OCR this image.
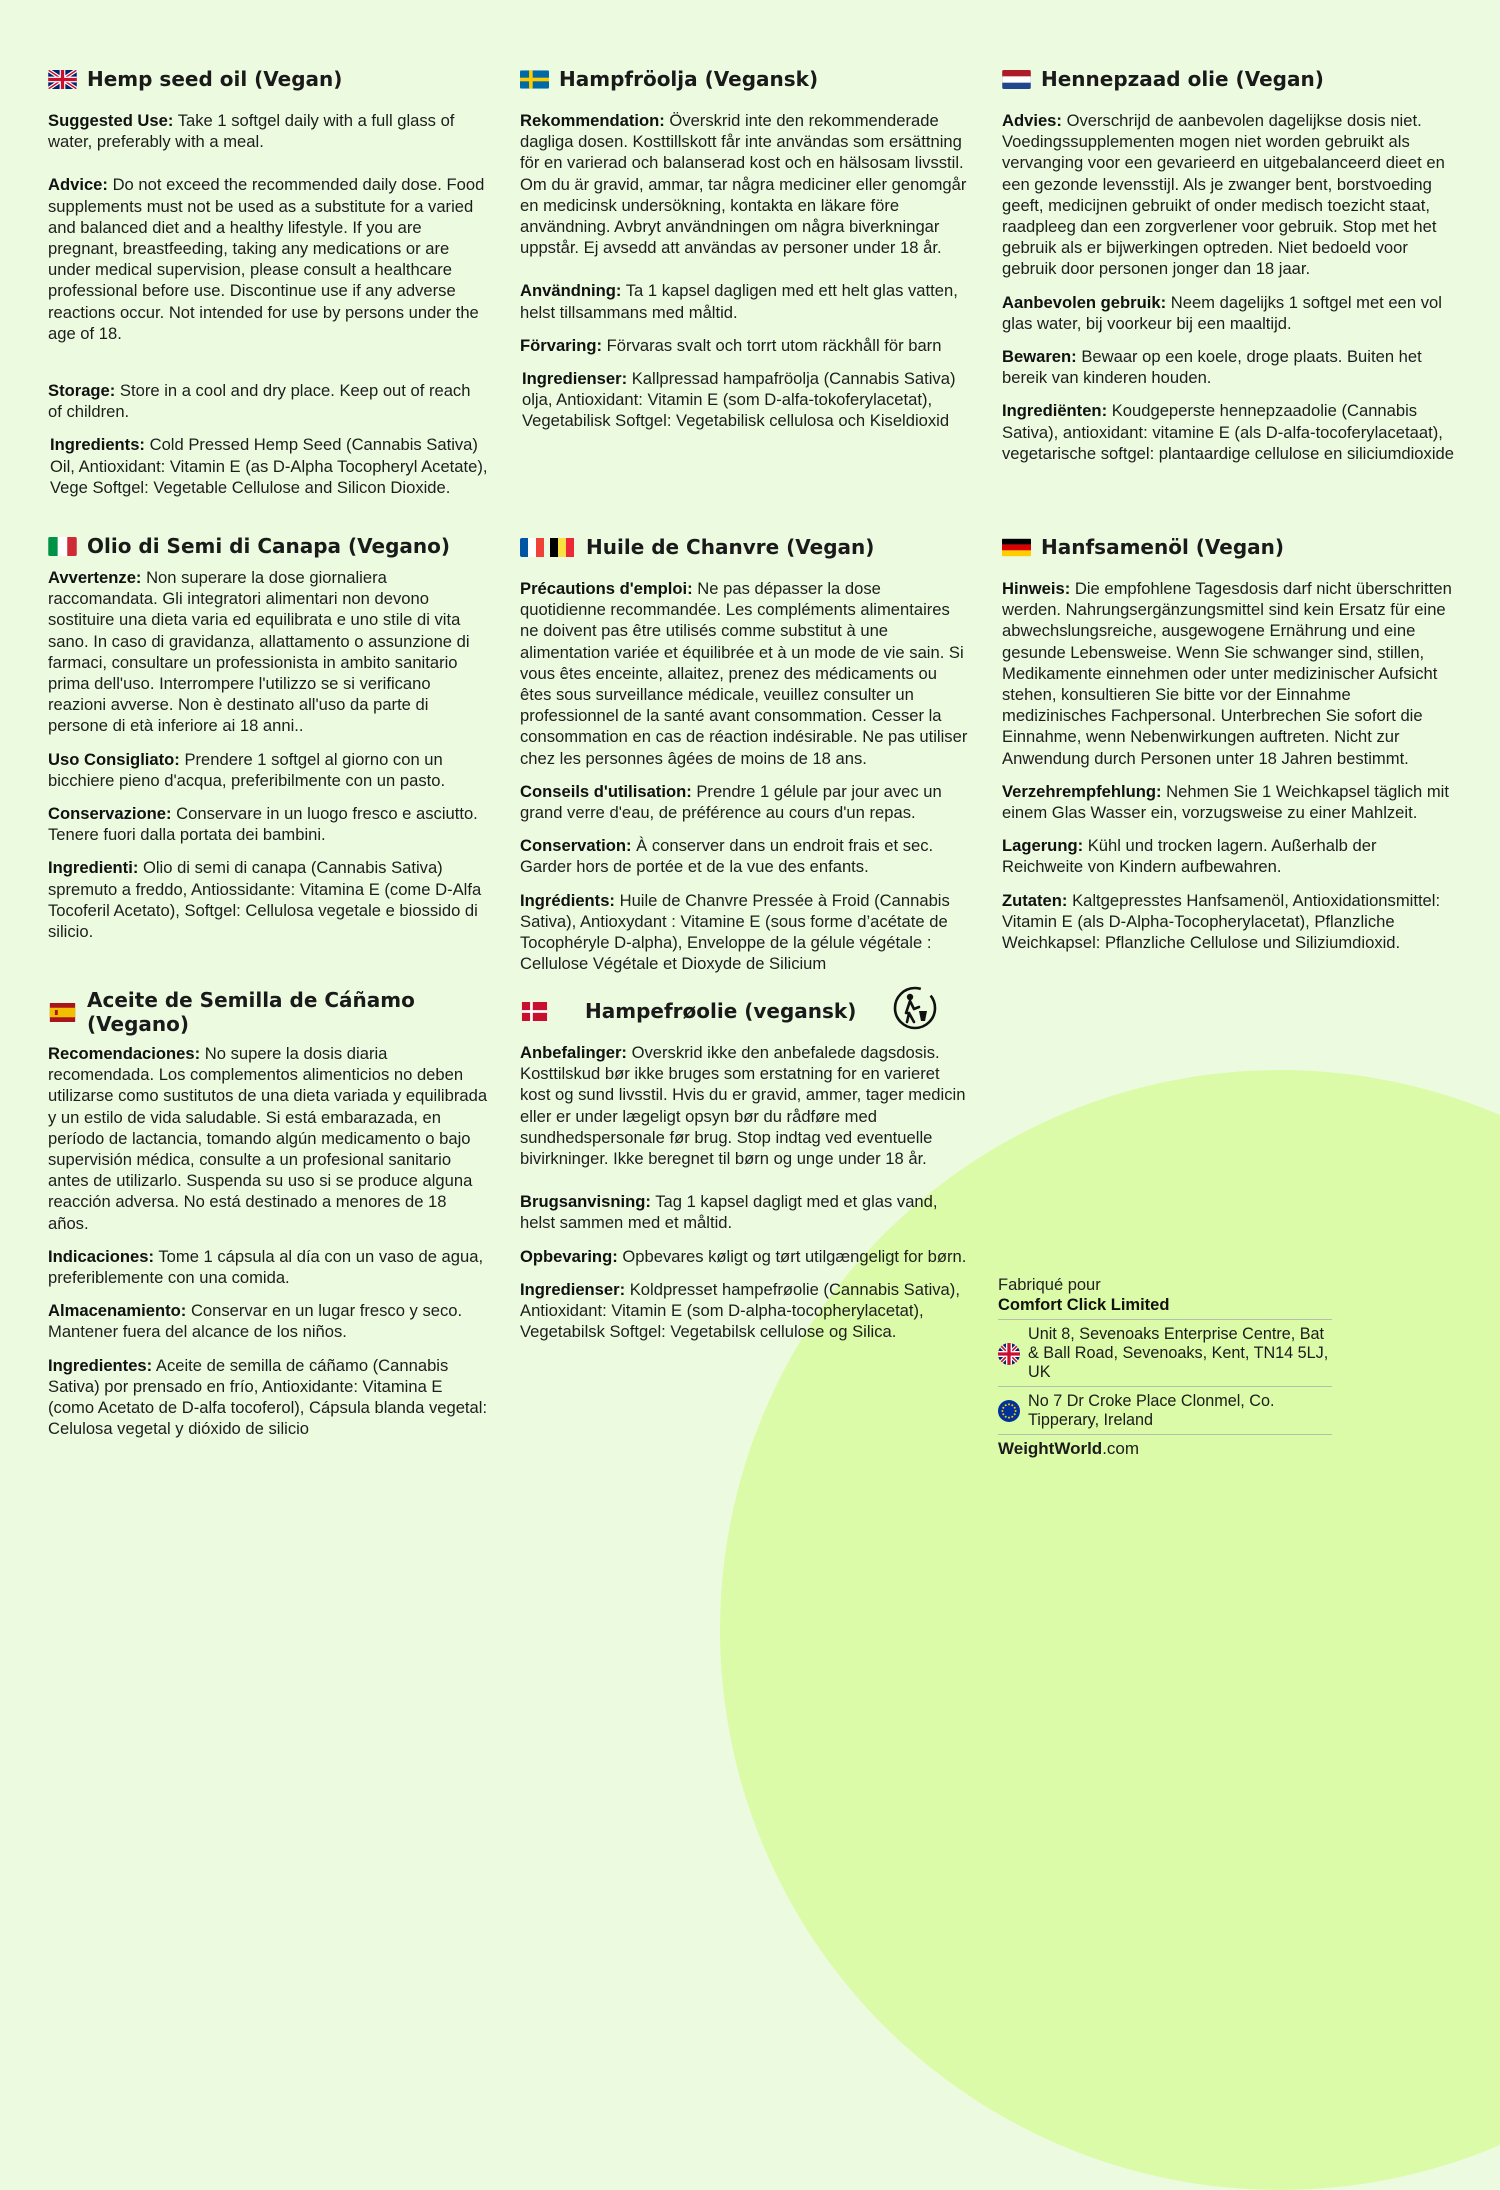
Hemp seed oil (Vegan)

Suggested Use: Take 1 softgel daily with a full glass of water, preferably with a meal.

Advice: Do not exceed the recommended daily dose. Food supplements must not be used as a substitute for a varied and balanced diet and a healthy lifestyle. If you are pregnant, breastfeeding, taking any medications or are under medical supervision, please consult a healthcare professional before use. Discontinue use if any adverse reactions occur. Not intended for use by persons under the age of 18.

Storage: Store in a cool and dry place. Keep out of reach of children.

Ingredients: Cold Pressed Hemp Seed (Cannabis Sativa) Oil, Antioxidant: Vitamin E (as D-Alpha Tocopheryl Acetate), Vege Softgel: Vegetable Cellulose and Silicon Dioxide.

Hampfröolja (Vegansk)

Rekommendation: Överskrid inte den rekommenderade dagliga dosen. Kosttillskott får inte användas som ersättning för en varierad och balanserad kost och en hälsosam livsstil. Om du är gravid, ammar, tar några mediciner eller genomgår en medicinsk undersökning, kontakta en läkare före användning. Avbryt användningen om några biverkningar uppstår. Ej avsedd att användas av personer under 18 år.

Användning: Ta 1 kapsel dagligen med ett helt glas vatten, helst tillsammans med måltid.

Förvaring: Förvaras svalt och torrt utom räckhåll för barn

Ingredienser: Kallpressad hampafröolja (Cannabis Sativa) olja, Antioxidant: Vitamin E (som D-alfa-tokoferylacetat), Vegetabilisk Softgel: Vegetabilisk cellulosa och Kiseldioxid

Hennepzaad olie (Vegan)

Advies: Overschrijd de aanbevolen dagelijkse dosis niet. Voedingssupplementen mogen niet worden gebruikt als vervanging voor een gevarieerd en uitgebalanceerd dieet en een gezonde levensstijl. Als je zwanger bent, borstvoeding geeft, medicijnen gebruikt of onder medisch toezicht staat, raadpleeg dan een zorgverlener voor gebruik. Stop met het gebruik als er bijwerkingen optreden. Niet bedoeld voor gebruik door personen jonger dan 18 jaar.

Aanbevolen gebruik: Neem dagelijks 1 softgel met een vol glas water, bij voorkeur bij een maaltijd.

Bewaren: Bewaar op een koele, droge plaats. Buiten het bereik van kinderen houden.

Ingrediënten: Koudgeperste hennepzaadolie (Cannabis Sativa), antioxidant: vitamine E (als D-alfa-tocoferylacetaat), vegetarische softgel: plantaardige cellulose en siliciumdioxide

Olio di Semi di Canapa (Vegano)

Avvertenze: Non superare la dose giornaliera raccomandata. Gli integratori alimentari non devono sostituire una dieta varia ed equilibrata e uno stile di vita sano. In caso di gravidanza, allattamento o assunzione di farmaci, consultare un professionista in ambito sanitario prima dell'uso. Interrompere l'utilizzo se si verificano reazioni avverse. Non è destinato all'uso da parte di persone di età inferiore ai 18 anni..

Uso Consigliato: Prendere 1 softgel al giorno con un bicchiere pieno d'acqua, preferibilmente con un pasto.

Conservazione: Conservare in un luogo fresco e asciutto. Tenere fuori dalla portata dei bambini.

Ingredienti: Olio di semi di canapa (Cannabis Sativa) spremuto a freddo, Antiossidante: Vitamina E (come D-Alfa Tocoferil Acetato), Softgel: Cellulosa vegetale e biossido di silicio.

Huile de Chanvre (Vegan)

Précautions d'emploi: Ne pas dépasser la dose quotidienne recommandée. Les compléments alimentaires ne doivent pas être utilisés comme substitut à une alimentation variée et équilibrée et à un mode de vie sain. Si vous êtes enceinte, allaitez, prenez des médicaments ou êtes sous surveillance médicale, veuillez consulter un professionnel de la santé avant consommation. Cesser la consommation en cas de réaction indésirable. Ne pas utiliser chez les personnes âgées de moins de 18 ans.

Conseils d'utilisation: Prendre 1 gélule par jour avec un grand verre d'eau, de préférence au cours d'un repas.

Conservation: À conserver dans un endroit frais et sec. Garder hors de portée et de la vue des enfants.

Ingrédients: Huile de Chanvre Pressée à Froid (Cannabis Sativa), Antioxydant : Vitamine E (sous forme d’acétate de Tocophéryle D-alpha), Enveloppe de la gélule végétale : Cellulose Végétale et Dioxyde de Silicium

Hanfsamenöl (Vegan)

Hinweis: Die empfohlene Tagesdosis darf nicht überschritten werden. Nahrungsergänzungsmittel sind kein Ersatz für eine abwechslungsreiche, ausgewogene Ernährung und eine gesunde Lebensweise. Wenn Sie schwanger sind, stillen, Medikamente einnehmen oder unter medizinischer Aufsicht stehen, konsultieren Sie bitte vor der Einnahme medizinisches Fachpersonal. Unterbrechen Sie sofort die Einnahme, wenn Nebenwirkungen auftreten. Nicht zur Anwendung durch Personen unter 18 Jahren bestimmt.

Verzehrempfehlung: Nehmen Sie 1 Weichkapsel täglich mit einem Glas Wasser ein, vorzugsweise zu einer Mahlzeit.

Lagerung: Kühl und trocken lagern. Außerhalb der Reichweite von Kindern aufbewahren.

Zutaten: Kaltgepresstes Hanfsamenöl, Antioxidationsmittel: Vitamin E (als D-Alpha-Tocopherylacetat), Pflanzliche Weichkapsel: Pflanzliche Cellulose und Siliziumdioxid.

Aceite de Semilla de Cáñamo (Vegano)

Recomendaciones: No supere la dosis diaria recomendada. Los complementos alimenticios no deben utilizarse como sustitutos de una dieta variada y equilibrada y un estilo de vida saludable. Si está embarazada, en período de lactancia, tomando algún medicamento o bajo supervisión médica, consulte a un profesional sanitario antes de utilizarlo. Suspenda su uso si se produce alguna reacción adversa. No está destinado a menores de 18 años.

Indicaciones: Tome 1 cápsula al día con un vaso de agua, preferiblemente con una comida.

Almacenamiento: Conservar en un lugar fresco y seco. Mantener fuera del alcance de los niños.

Ingredientes: Aceite de semilla de cáñamo (Cannabis Sativa) por prensado en frío, Antioxidante: Vitamina E (como Acetato de D-alfa tocoferol), Cápsula blanda vegetal: Celulosa vegetal y dióxido de silicio

Hampefrøolie (vegansk)

Anbefalinger: Overskrid ikke den anbefalede dagsdosis. Kosttilskud bør ikke bruges som erstatning for en varieret kost og sund livsstil. Hvis du er gravid, ammer, tager medicin eller er under lægeligt opsyn bør du rådføre med sundhedspersonale før brug. Stop indtag ved eventuelle bivirkninger. Ikke beregnet til børn og unge under 18 år.

Brugsanvisning: Tag 1 kapsel dagligt med et glas vand, helst sammen med et måltid.

Opbevaring: Opbevares køligt og tørt utilgængeligt for børn.

Ingredienser: Koldpresset hampefrøolie (Cannabis Sativa), Antioxidant: Vitamin E (som D-alpha-tocopherylacetat), Vegetabilsk Softgel: Vegetabilsk cellulose og Silica.

Fabriqué pour
Comfort Click Limited
Unit 8, Sevenoaks Enterprise Centre, Bat & Ball Road, Sevenoaks, Kent, TN14 5LJ, UK
No 7 Dr Croke Place Clonmel, Co. Tipperary, Ireland
WeightWorld.com
